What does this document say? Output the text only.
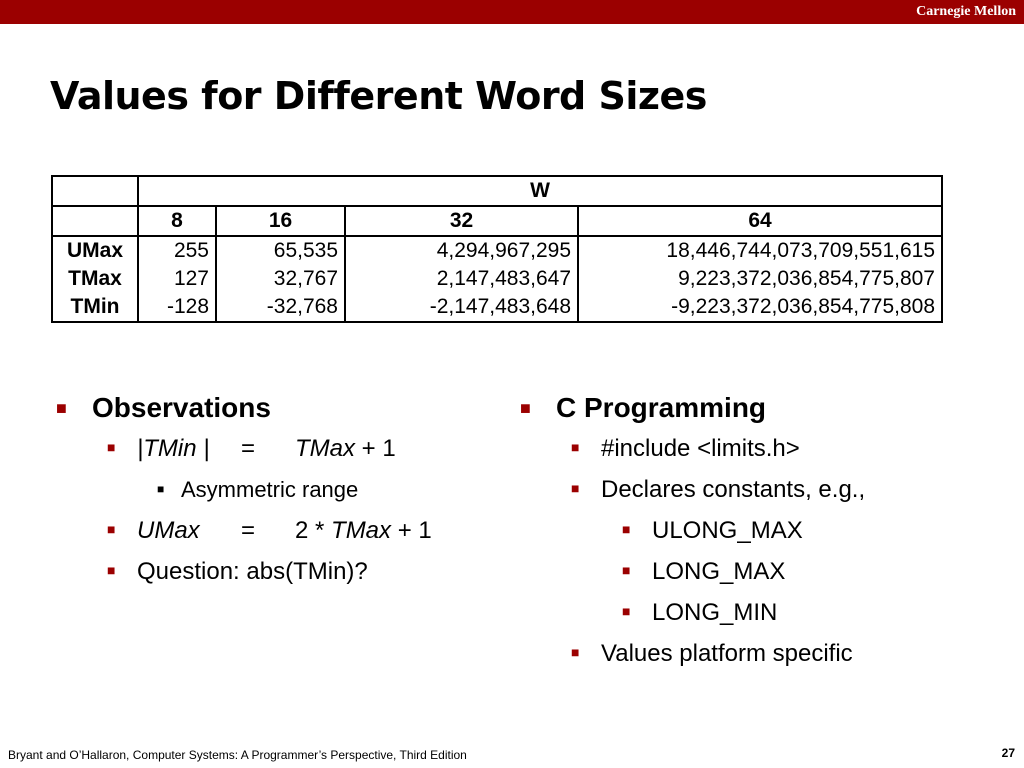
Carnegie Mellon
Values for Different Word Sizes
	W			
	8	16	32	64
UMax	255	65,535	4,294,967,295	18,446,744,073,709,551,615
TMax	127	32,767	2,147,483,647	9,223,372,036,854,775,807
TMin	-128	-32,768	-2,147,483,648	-9,223,372,036,854,775,808
■ Observations
■ |TMin | = TMax + 1
■ Asymmetric range
■ UMax = 2 * TMax + 1
■ Question: abs(TMin)?
■ C Programming
■ #include <limits.h>
■ Declares constants, e.g.,
■ ULONG_MAX
■ LONG_MAX
■ LONG_MIN
■ Values platform specific
Bryant and O’Hallaron, Computer Systems: A Programmer’s Perspective, Third Edition	27
